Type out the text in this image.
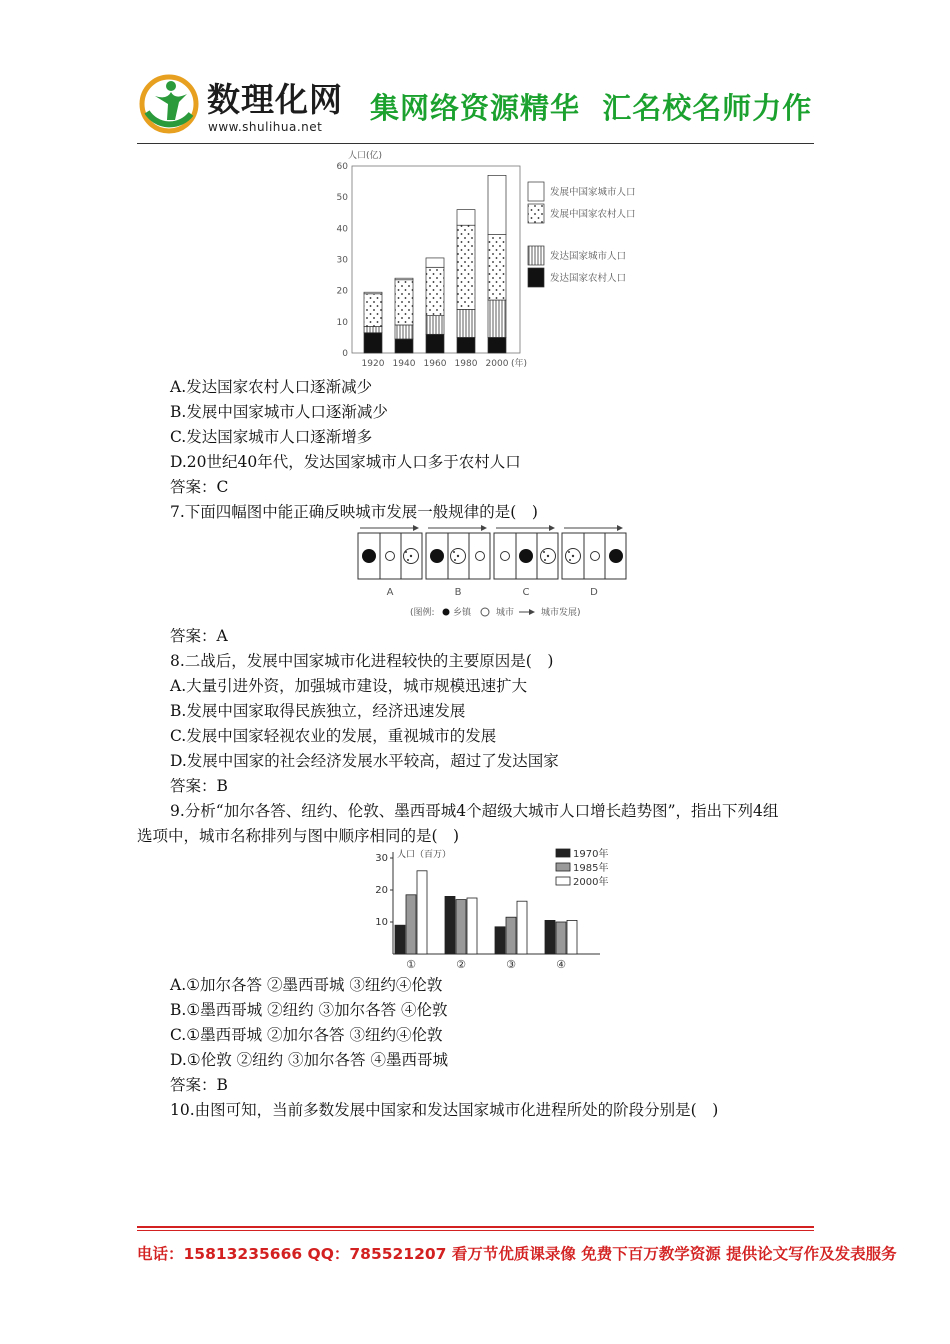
数理化网
www.shulihua.net
集网络资源精华  汇名校名师力作
人口(亿)
0
10
20
30
40
50
60
1920 1940 1960 1980 2000 (年)
发展中国家城市人口
发展中国家农村人口
发达国家城市人口
发达国家农村人口
A.发达国家农村人口逐渐减少
B.发展中国家城市人口逐渐减少
C.发达国家城市人口逐渐增多
D.20世纪40年代，发达国家城市人口多于农村人口
答案：C
7.下面四幅图中能正确反映城市发展一般规律的是(　)
A	B	C	D
(图例: 乡镇	城市	城市发展)
答案：A
8.二战后，发展中国家城市化进程较快的主要原因是(　)
A.大量引进外资，加强城市建设，城市规模迅速扩大
B.发展中国家取得民族独立，经济迅速发展
C.发展中国家轻视农业的发展，重视城市的发展
D.发展中国家的社会经济发展水平较高，超过了发达国家
答案：B
9.分析“加尔各答、纽约、伦敦、墨西哥城4个超级大城市人口增长趋势图”，指出下列4组
选项中，城市名称排列与图中顺序相同的是(　)
人口（百万）
10
20
30
①	②	③	④
1970年
1985年
2000年
A.①加尔各答 ②墨西哥城 ③纽约④伦敦
B.①墨西哥城 ②纽约 ③加尔各答 ④伦敦
C.①墨西哥城 ②加尔各答 ③纽约④伦敦
D.①伦敦 ②纽约 ③加尔各答 ④墨西哥城
答案：B
10.由图可知，当前多数发展中国家和发达国家城市化进程所处的阶段分别是(　)
电话：15813235666 QQ：785521207 看万节优质课录像 免费下百万教学资源 提供论文写作及发表服务
